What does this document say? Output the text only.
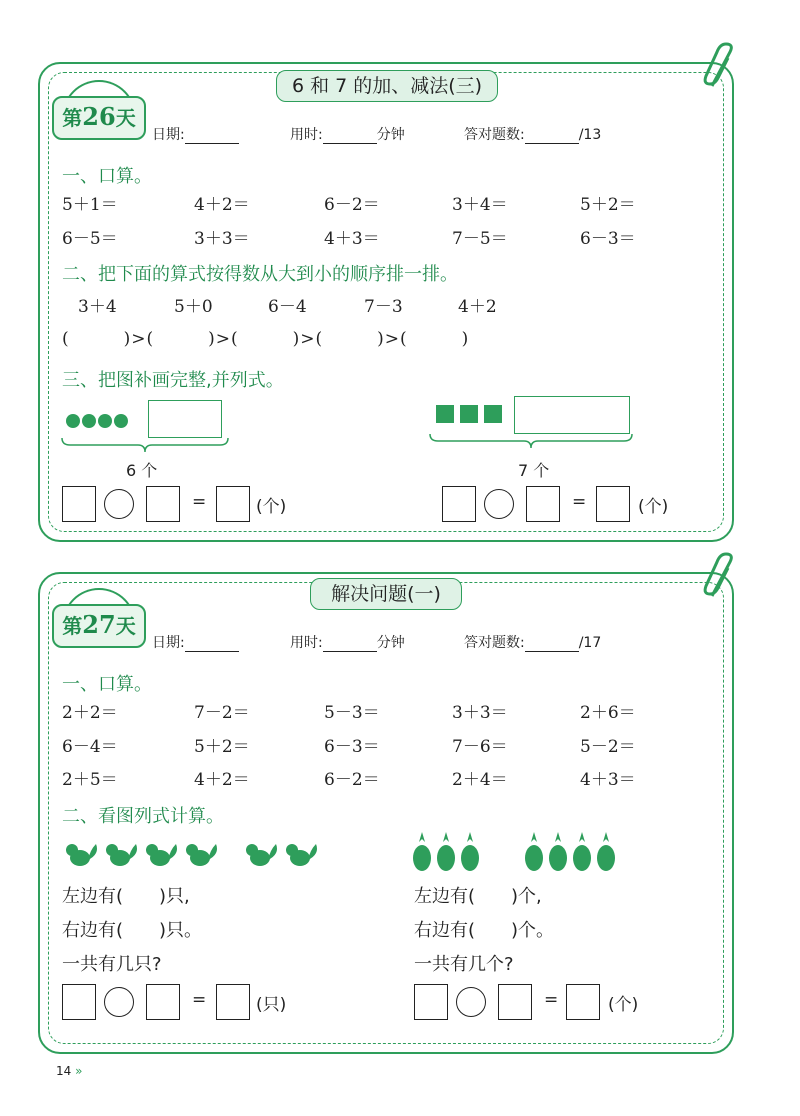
6 和 7 的加、减法(三)
第26天
日期:	用时:	分钟	答对题数:	/13
一、口算。
5＋1＝	4＋2＝	6－2＝	3＋4＝	5＋2＝
6－5＝	3＋3＝	4＋3＝	7－5＝	6－3＝
二、把下面的算式按得数从大到小的顺序排一排。
3＋4	5＋0	6－4	7－3	4＋2
(　　　)>(　　　)>(　　　)>(　　　)>(　　　)
三、把图补画完整,并列式。
6 个	7 个
=	(个)	=	(个)
解决问题(一)
第27天
日期:	用时:	分钟	答对题数:	/17
一、口算。
2＋2＝	7－2＝	5－3＝	3＋3＝	2＋6＝
6－4＝	5＋2＝	6－3＝	7－6＝	5－2＝
2＋5＝	4＋2＝	6－2＝	2＋4＝	4＋3＝
二、看图列式计算。
左边有(　　)只,
右边有(　　)只。
一共有几只?
左边有(　　)个,
右边有(　　)个。
一共有几个?
=	(只)	=	(个)
14 »
